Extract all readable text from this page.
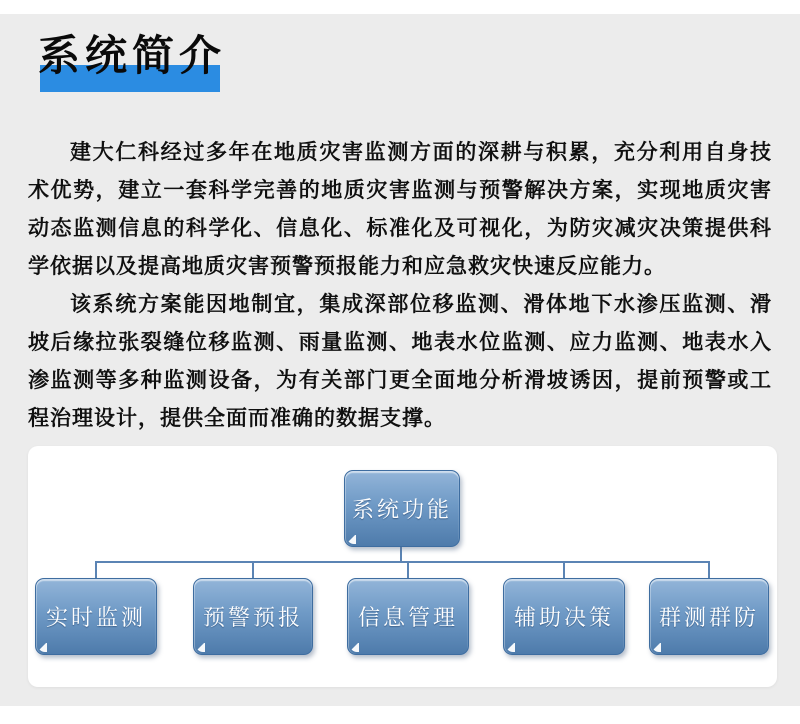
系统简介

建大仁科经过多年在地质灾害监测方面的深耕与积累，充分利用自身技术优势，建立一套科学完善的地质灾害监测与预警解决方案，实现地质灾害动态监测信息的科学化、信息化、标准化及可视化，为防灾减灾决策提供科学依据以及提高地质灾害预警预报能力和应急救灾快速反应能力。

该系统方案能因地制宜，集成深部位移监测、滑体地下水渗压监测、滑坡后缘拉张裂缝位移监测、雨量监测、地表水位监测、应力监测、地表水入渗监测等多种监测设备，为有关部门更全面地分析滑坡诱因，提前预警或工程治理设计，提供全面而准确的数据支撑。

系统功能
实时监测	预警预报 信息管理	辅助决策 群测群防
